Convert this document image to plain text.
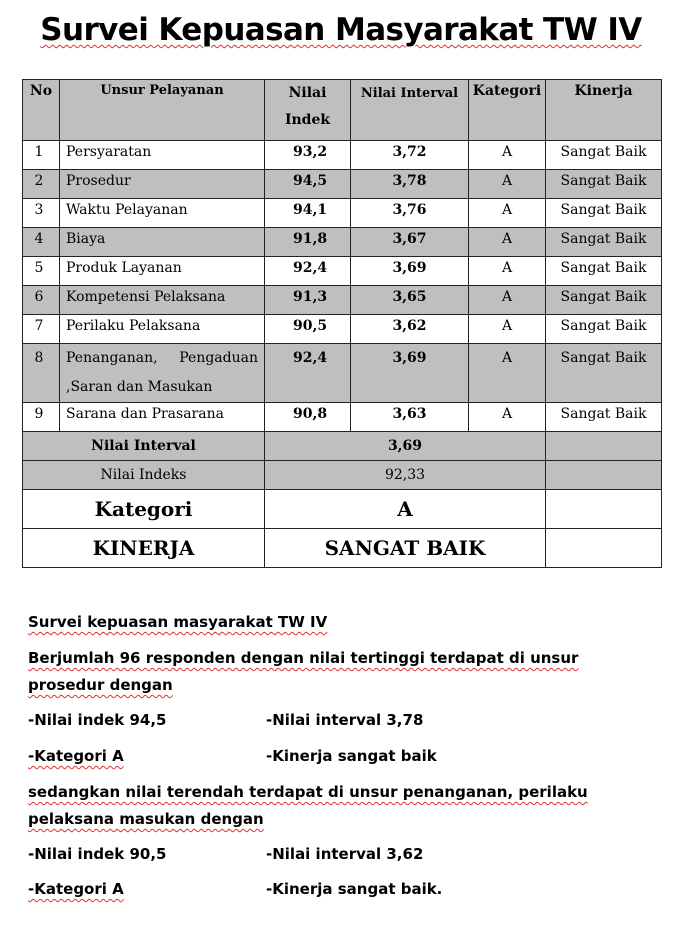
Survei Kepuasan Masyarakat TW IV
No	Unsur Pelayanan	Nilai Indek	Nilai Interval	Kategori	Kinerja
1	Persyaratan	93,2	3,72	A	Sangat Baik
2	Prosedur	94,5	3,78	A	Sangat Baik
3	Waktu Pelayanan	94,1	3,76	A	Sangat Baik
4	Biaya	91,8	3,67	A	Sangat Baik
5	Produk Layanan	92,4	3,69	A	Sangat Baik
6	Kompetensi Pelaksana	91,3	3,65	A	Sangat Baik
7	Perilaku Pelaksana	90,5	3,62	A	Sangat Baik
8	Penanganan, Pengaduan ,Saran dan Masukan	92,4	3,69	A	Sangat Baik
9	Sarana dan Prasarana	90,8	3,63	A	Sangat Baik
Nilai Interval		3,69			
Nilai Indeks		92,33			
Kategori		A			
KINERJA		SANGAT BAIK			
Survei kepuasan masyarakat TW IV
Berjumlah 96 responden dengan nilai tertinggi terdapat di unsur prosedur dengan
-Nilai indek 94,5	-Nilai interval 3,78
-Kategori A	-Kinerja sangat baik
sedangkan nilai terendah terdapat di unsur penanganan, perilaku pelaksana masukan dengan
-Nilai indek 90,5	-Nilai interval 3,62
-Kategori A	-Kinerja sangat baik.
